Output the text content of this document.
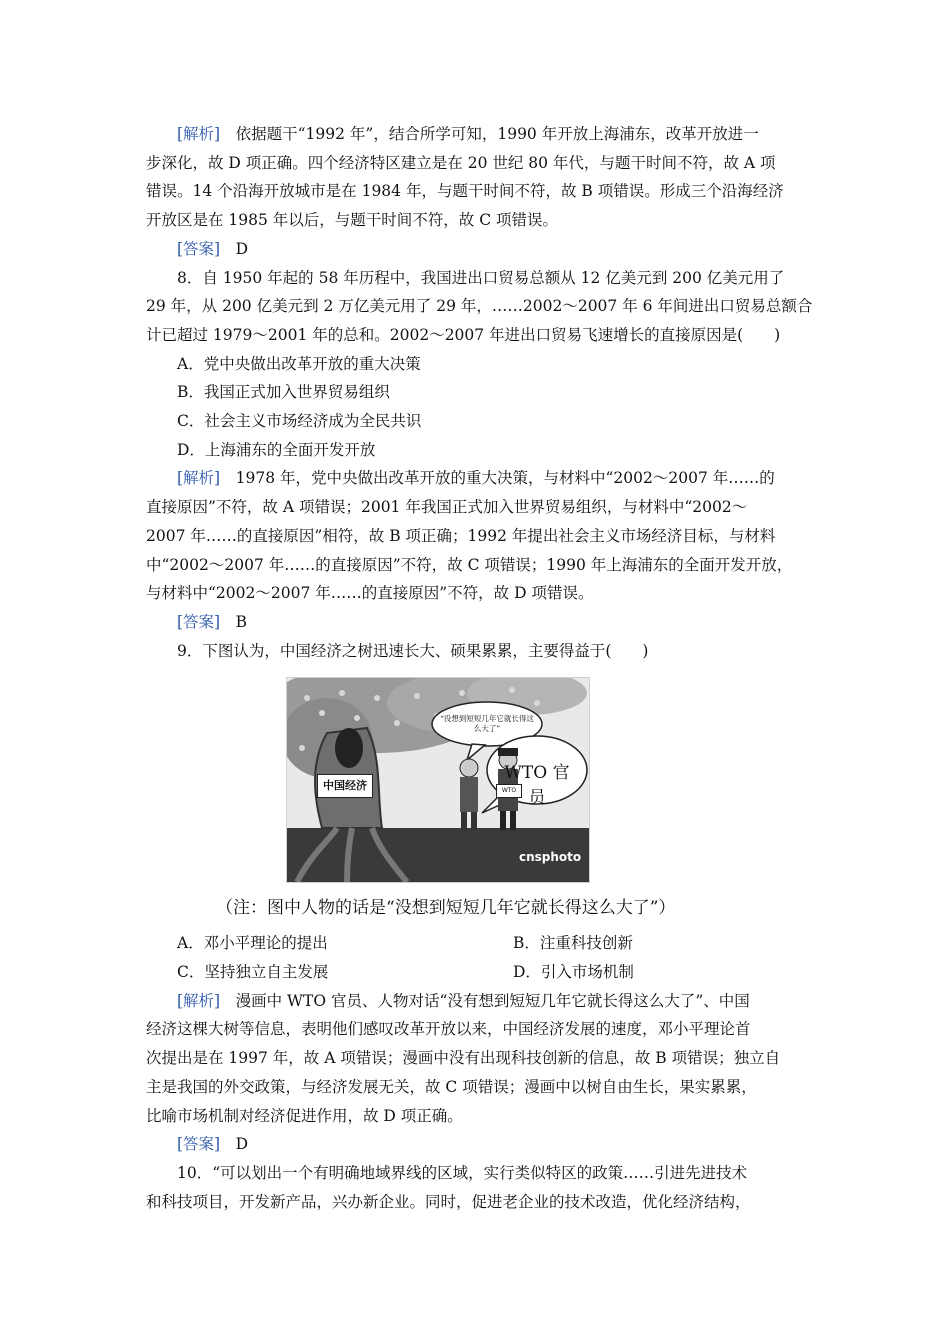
[解析]　 依据题干“1992 年”，结合所学可知，1990 年开放上海浦东，改革开放进一
步深化，故 D 项正确。四个经济特区建立是在 20 世纪 80 年代，与题干时间不符，故 A 项
错误。14 个沿海开放城市是在 1984 年，与题干时间不符，故 B 项错误。形成三个沿海经济
开放区是在 1985 年以后，与题干时间不符，故 C 项错误。
[答案]　 D
8．自 1950 年起的 58 年历程中，我国进出口贸易总额从 12 亿美元到 200 亿美元用了
29 年，从 200 亿美元到 2 万亿美元用了 29 年，……2002～2007 年 6 年间进出口贸易总额合
计已超过 1979～2001 年的总和。2002～2007 年进出口贸易飞速增长的直接原因是(　　)
A．党中央做出改革开放的重大决策
B．我国正式加入世界贸易组织
C．社会主义市场经济成为全民共识
D．上海浦东的全面开发开放
[解析]　 1978 年，党中央做出改革开放的重大决策，与材料中“2002～2007 年……的
直接原因”不符，故 A 项错误；2001 年我国正式加入世界贸易组织，与材料中“2002～
2007 年……的直接原因”相符，故 B 项正确；1992 年提出社会主义市场经济目标，与材料
中“2002～2007 年……的直接原因”不符，故 C 项错误；1990 年上海浦东的全面开发开放，
与材料中“2002～2007 年……的直接原因”不符，故 D 项错误。
[答案]　 B
9．下图认为，中国经济之树迅速长大、硕果累累，主要得益于(　　)
中国经济
“没想到短短几年它就长得这么大了”
WTO 官员
WTO
cnsphoto
（注：图中人物的话是“没想到短短几年它就长得这么大了”）
A．邓小平理论的提出	B．注重科技创新
C．坚持独立自主发展	D．引入市场机制
[解析]　 漫画中 WTO 官员、人物对话“没有想到短短几年它就长得这么大了”、中国
经济这棵大树等信息，表明他们感叹改革开放以来，中国经济发展的速度，邓小平理论首
次提出是在 1997 年，故 A 项错误；漫画中没有出现科技创新的信息，故 B 项错误；独立自
主是我国的外交政策，与经济发展无关，故 C 项错误；漫画中以树自由生长，果实累累，
比喻市场机制对经济促进作用，故 D 项正确。
[答案]　 D
10．“可以划出一个有明确地域界线的区域，实行类似特区的政策……引进先进技术
和科技项目，开发新产品，兴办新企业。同时，促进老企业的技术改造，优化经济结构，
